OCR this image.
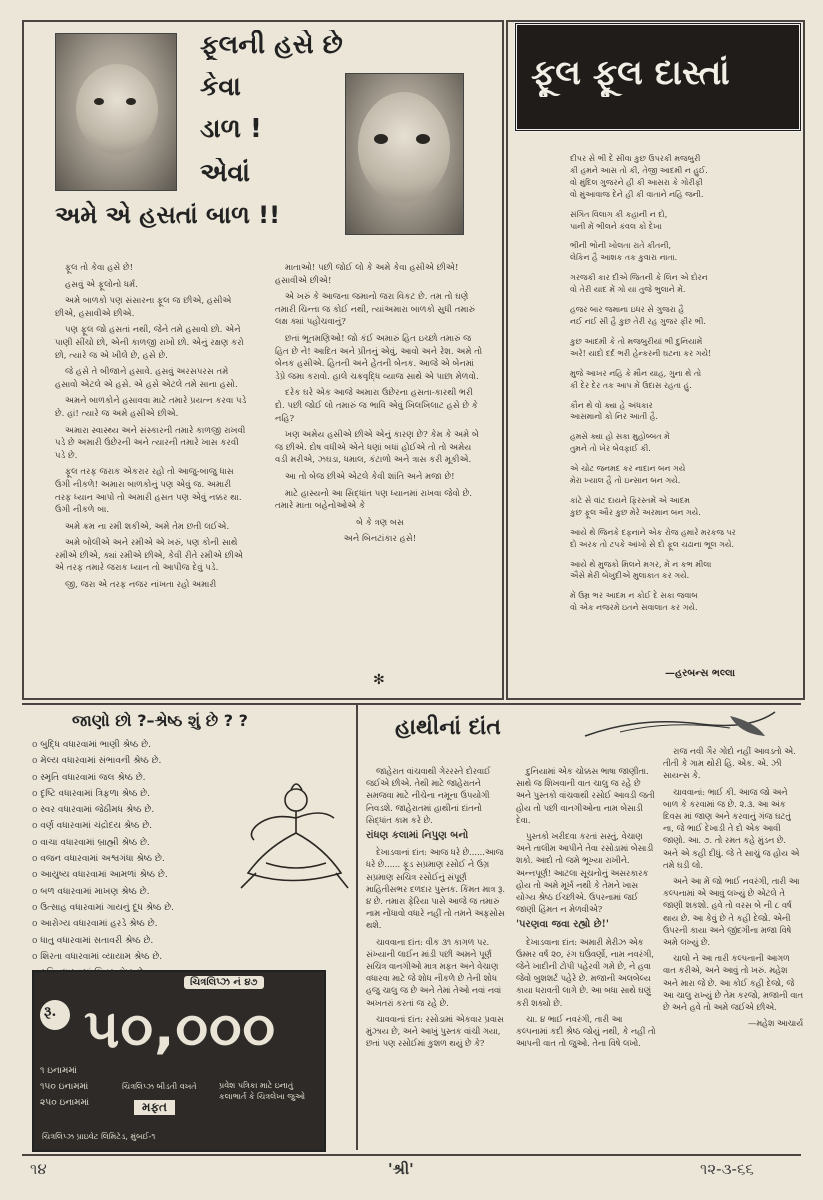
ફૂલની હસે છે
કેવા
ડાળ !
એવાં
અમે એ હસતાં બાળ !!

ફૂલ તો કેવા હસે છે!

હસવું એ ફૂલોનો ધર્મ.

અમે બાળકો પણ સંસારના ફૂલ જ છીએ, હસીએ છીએ, હસાવીએ છીએ.

પણ ફૂલ જો હસતાં નથી, જેને તમે હસાવો છો. એને પાણી સીંચો છો, એની કાળજી રાખો છો. એનું રક્ષણ કરો છો, ત્યારે જ એ ખીલે છે, હસે છે.

જે હસે તે બીજાને હસાવે. હસવું અરસપરસ તમે હસાવો એટલે એ હસે. એ હસે એટલે તમે સાના હસો.

અમને બાળકોને હસાવવા માટે તમારે પ્રયત્ન કરવા પડે છે. હાં! ત્યારે જ અમે હસીએ છીએ.

અમારા સ્વાસ્થ્ય અને સંસ્કારની તમારે કાળજી રાખવી પડે છે અમારી ઉછેરની અને ત્યારની તમારે ખાસ કરવી પડે છે.

ફૂલ તરફ જરાક એકરાર રહો તો આજુ-બાજુ ધાસ ઉગી નીકળે! અમારા બાળકોનું પણ એવું જ. અમારી તરફ ધ્યાન આપો તો અમારી હસત પણ એવું નક્કર થા. ઉગી નીકળે બા.

અમે ક્રમ ના રમી શકીએ, અમે તેમ છતી લઈએ.

અમે બોલીએ અને રમીએ એ ખરું, પણ કોની સાથે રમીએ છીએ, ક્યાં રમીએ છીએ, કેવી રીતે રમીએ છીએ એ તરફ તમારે જરાક ધ્યાન તો આપીજ દેવું પડે.

જી, જરા એ તરફ નજર નાંખતા રહો અમારી

માતાઓ! પછી જોઈ લો કે અમે કેવા હસીએ છીએ! હસાવીએ છીએ!

એ ખરું કે આજના જમાનો જરા વિકટ છે. તમ તો ઘણે તમારી ચિન્તા જ કોઈ નથી, ત્યાંઅમારા બાળકો સુધી તમારું લક્ષ ક્યાં પહોંચવાનું?

છતાં ભૂતમણિઓ! જો કંઈ અમારું હિત ઇચ્છો તમારું જ હિત છે ને! આદિત અને પ્રીતનું એવું, આવો અને રેશ. અમે તો બેનક હસીએ. હિતની અને હેતની બેનક. આજે એ બેનમાં ડેપ્રે જમા કરાવો. હાલે ચક્રવૃદ્ધિ વ્યાજ સાથે એ પાછા મેળવો.

દરેક ઘરે એક આજે અમારા ઉછેરના હસતા-કારથી ભરી દો. પછી જોઈ લો તમારું જ ભાવિ એવું ખિલખિલાટ હસે છે કે નહિ?

ખણ અમેય હસીએ છીએ એનું કારણ છે? કેમ કે અમે બે જ છીએ. દોષ વધીએ એને ધણાં બધાં હોઈએ તો તો અમેય વડી મરીએ, ઝઘડા, ધમાલ, કંટાળો અને ત્રાસ કરી મૂકીએ.

આ તો બેજ છીએ એટલે કેવી શાંતિ અને મજા છે!

માટે હાસ્યનો આ સિદ્ધાંત પણ ધ્યાનમાં રાખવા જેવો છે. તમારે માતા બહેનોઓએ કે

બે કે ત્રણ બસ

અને બિનટાંકાર હસે!

✻
ફૂલ ફૂલ દાસ્તાં
દીપર સે ભી દેં સીવા કુછ ઉપરકી મજબુરી
કી હમને આસ તો કી, તેજી આદમી ન હુઈ.
વો મુંદિલ ગુજરને હી કી આસરા કે ગોરીફી
વો મુંઆવાજ દેને હી કી વાતાને નહિ જની.
સંગિત વિલાગ કી કહાની ન દો,
પાની મેં ભીલને કંવલ કો દેખા
ભીની ભોની ખોલતા રાતે કીતની,
લેકિન હૈ આશક તક કુવારા નાતા.
ગરજકી કાર દીએ જિતની કે લિન એ દોરન
વો તેરી યાદ મેં ગો યા તુજે ભુલાને મેં.
હજર બાર જમાના ઇધર સે ગુજરા હૈ
નઈ નઈ સી હૈ કુછ તેરી રહ ગુજર ફીર ભી.
કુછ આદમી કે તો મજબુરીયાં ભી દુનિયામેં
અરે! યાદો દર્દ ભરી હેન્કરની ઘટના કર ગયે!
મુજે આખર નહિ કે મૌન યાહ, ગુના થે તો
કી દેર દેર તક આપ મેં ઉદાસ રહતા હું.
કૌન થે વો ક્યા હે અંધકાર
આસમાનોં કો નિર આતી હૈ.
હમસે ક્યા હો સકા મુહોબ્બત મેં
તુમને તો ખેર બેવફાઈ કી.
એ ચોટ જનમદ કર નાદાન બન ગયે
મેરા ખ્યાલ હૈ તો ઇન્સાન બન ગયે.
કાંટે સે વાંટ દાયને ફિરસ્તમેં એ આદમ
કુછ ફૂલ ઔર કુછ મેરે અરમાન બન ગયે.
આયે થે જિનકે દફનાને એક રોજ હમારે મરકજ પર
દો અરક તો ટપકે આંખો સે દો ફૂલ ચઢાના ભૂલ ગયે.
આયે થે મુજકો મિલને મગર, મેં ન કભ મીલા
ઐસે મેરી બેખુદીએ મુલાકાત કર ગયે.
મેં ઉમ્ર ભર આદમ ન કોઈ દે સકા જવાબ
વો એક નજરમેં ઇતને સવાલાત કર ગયે.
—હરબન્સ ભલ્લા
જાણો છો ?–શ્રેષ્ઠ શું છે ? ?
o બુદ્ધિ વધારવામાં ભાણી શ્રેષ્ઠ છે.
o મેલ્ય વધારવામાં સંભાવની શ્રેષ્ઠ છે.
o સ્મૃતિ વધારવામાં જલ શ્રેષ્ઠ છે.
o દૃષ્ટિ વધારવામાં ત્રિફળા શ્રેષ્ઠ છે.
o સ્વર વધારવામાં જેઠીમધ શ્રેષ્ઠ છે.
o વર્ણ વધારવામાં ચંદ્રોદય શ્રેષ્ઠ છે.
o વાચા વધારવામાં બ્રાહ્મી શ્રેષ્ઠ છે.
o વજન વધારવામાં અશ્વગંધા શ્રેષ્ઠ છે.
o આયુષ્ય વધારવામાં આમળાં શ્રેષ્ઠ છે.
o બળ વધારવામાં માખણ શ્રેષ્ઠ છે.
o ઉત્સાહ વધારવામાં ગાયનું દૂધ શ્રેષ્ઠ છે.
o આરોગ્ય વધારવામાં હરડે શ્રેષ્ઠ છે.
o ધાતુ વધારવામાં સતાવરી શ્રેષ્ઠ છે.
o શિરતા વધારવામાં વ્યાયામ શ્રેષ્ઠ છે.
o
ચિત્રલિપ્ઝ નં ૪૭
રૂ. ૫૦,૦૦૦
૧ ઇનામમાં
૧૫૦ ઇનામમાં
૨૫૦ ઇનામમાં
ચિત્રલિપ્ઝ બીડતી વખતે
મફત
પ્રવેશ પત્રિકા માટે ઇનાતું કલાભાર્ત કે ચિત્રલેખા જુઓ
ચિત્રલિપ્ઝ પ્રાઇવેટ લિમિટેડ, મુંબઈ-૧
હાથીનાં દાંત

જાહેરાત વાંચવાથી ગેરરસ્તે દોરવાઈ જઈએ છીએ. તેથી માટે જાહેરાતને સમજવા માટે નીચેના નમૂના ઉપયોગી નિવડશે. જાહેરાતમાં હાથીનાં દાંતનો સિદ્ધાંત કામ કરે છે.

રાંધણ કલામાં નિપુણ બનો

દેખાડવાનાં દાંત: આજ ધરે છે......આજ ધરે છે...... ફૂડ સપ્રમાણ રસોઈ ને ઉગ્ર સપ્રમાણ સચિત્ર રસોઈનું સંપૂર્ણ માહિતીસભર દળદાર પુસ્તક. કિંમત માત્ર રૂ. ૪ છે. તમારા ફેરિયા પાસે આજે જ તમારું નામ નોંધાવો વધારે નહીં તો તમને અફસોસ થશે.

ચાવવાના દાંત: વીક ૩૧ કાગળ પર. સંખ્યાની લાઈન માંડી પછી અમને પૂર્ણ સચિત્ર વાનગીઓ માત્ર મફત અને વેચાણ વધારવા માટે જે શોધ નીકળે છે તેની શોધ હજુ ચાલુ જ છે અને તેમાં તેઓ નવાં નવાં અખતરાં કરતાં જ રહે છે.

ચાવવાનાં દાંત: રસોડામાં એકવાર પ્રવાસ મુંઝાય છે, અને આખું પુસ્તક વાંચી ગયા, છતાં પણ રસોઈમાં કુશળ થયું છે કે?

દુનિયામાં એક ચોક્કસ ભાષા જાણીતા. સાથે જ શિખવાની વાત ચાલુ જ રહે છે અને પુસ્તકો વાંચવાથી રસોઈ આવડી જતી હોય તો પછી વાનગીઓના નામ બેસાડી દેવા.

પુસ્તકો ખરીદવા કરતાં સસ્તું, વેચાણ અને તાલીમ આપીને તેવા રસોડામાં બેસાડી શકો. આદો તો જમે ભૂખ્યા રાખીને. અન્નપૂર્ણ! આટલા સૂચનોનું અસરકારક હોય તો અમે મૂર્ખ નથી કે તેમને ખાસ યોગ્ય શ્રેષ્ઠ ઈચ્છીએ. ઉપરનામાં જઈ જાણી હિંમત ન મેળવીએ?

'પરણવા જવા રહ્યો છે!'

દેખાડવાના દાંત: અમારી મેરીઝ એક ઉમ્મર વર્ષ ૨૦, રંગ ઘઉંવર્ણો, નામ નવરંગી, જેને ખાદીની ટોપી પહેરવી ગમે છે, ને હવા જેવો બુશશર્ટ પહેરે છે. મજાની અલબેલ્ય કાયા ધરાવતી લાગે છે. આ બધા સાથે ઘણું કરી શક્યો છે.

ચા. ૪ ભાઈ નવરંગી, તારી આ કલ્પનામાં કદી શ્રેષ્ઠ જોયું નથી, કે નહીં તો આપની વાત તો જુઓ. તેના વિષે લખો.

રાજ નવી ગૈર ગોદો નહીં આવડતો એ. તીતી કે ગામ થોરી હિ. એક. એ. ઝી સાયન્સ કે.

ચાવવાનાં: ભાઈ કી. આજ જો અને બાળ કે કરવામાં જ છે. ૨.૩. આ અંક દિવસ માં જાણ અને કરવાનું ગંજ ઘટતું ના, જે ભાઈ દેખાડી તે દો એક આવી જાણો. આ. ૭. તો રમત કહે મુંડન છે. અને એ કહી દીધું. જે તે સાચું જ હોય એ તમે ઘડી લો.

અને આ મેં જો ભાઈ નવરંગી, તારી આ કલ્પનામાં એ આવું લખ્યું છે એટલે તે જાણી શકશો. હવે તો વરસ બે ની ૮ વર્ષ થાય છે. આ કેવું છે તે કહી દેજો. એની ઉપરની કાયા અને જીંદગીના મજા વિષે અમે લખ્યું છે.

ચાલો ને આ તારી કલ્પનાની આગળ વાત કરીએ, અને આવું તો ખરું. મહેશ અને મારા જે છે. આ કોઈ કહી દેજો, જે આ ચાલુ રાખ્યું છે તેમ કરજો, મજાની વાત છે અને હવે તો અમે જઈએ છીએ.

—મહેશ આચાર્ય

૧૪	'શ્રી'	૧૨-૩-૬૬
